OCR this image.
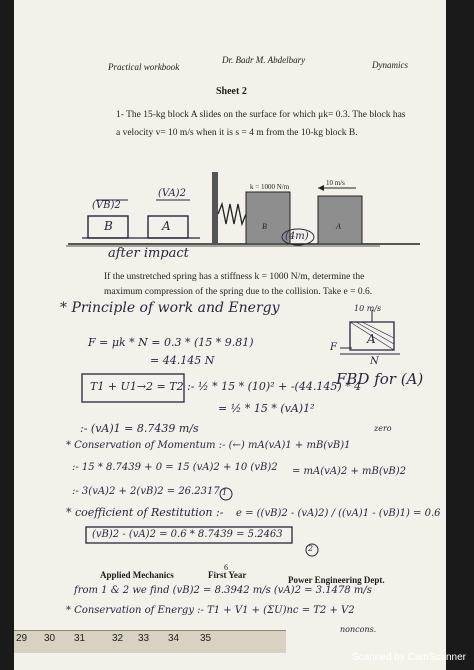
Practical workbook
Dr. Badr M. Abdelbary	Dynamics
Sheet 2
1- The 15-kg block A slides on the surface for which μk= 0.3. The block has
a velocity v= 10 m/s when it is s = 4 m from the 10-kg block B.
k = 1000 N/m	10 m/s
B	A
(VB)2
(VA)2
B	A
after impact
(4m)
If the unstretched spring has a stiffness k = 1000 N/m, determine the
maximum compression of the spring due to the collision. Take e = 0.6.
10 m/s
F
A
N
FBD for (A)
* Principle of work and Energy
F = μk * N = 0.3 * (15 * 9.81)
= 44.145 N
T1 + U1→2 = T2 :- ½ * 15 * (10)² + -(44.145) * 4
= ½ * 15 * (vA)1²
:- (vA)1 = 8.7439 m/s
* Conservation of Momentum :- (←) mA(vA)1 + mB(vB)1
zero
:- 15 * 8.7439 + 0 = 15 (vA)2 + 10 (vB)2 = mA(vA)2 + mB(vB)2
:- 3(vA)2 + 2(vB)2 = 26.2317 1
* coefficient of Restitution :- e = ((vB)2 - (vA)2) / ((vA)1 - (vB)1) = 0.6
(vB)2 - (vA)2 = 0.6 * 8.7439 = 5.2463
2
6
Applied Mechanics	First Year	Power Engineering Dept.
from 1 & 2 we find (vB)2 = 8.3942 m/s (vA)2 = 3.1478 m/s
* Conservation of Energy :- T1 + V1 + (ΣU)nc = T2 + V2
noncons.
29 30 31	32 33 34 35
Scanned by CamScanner
